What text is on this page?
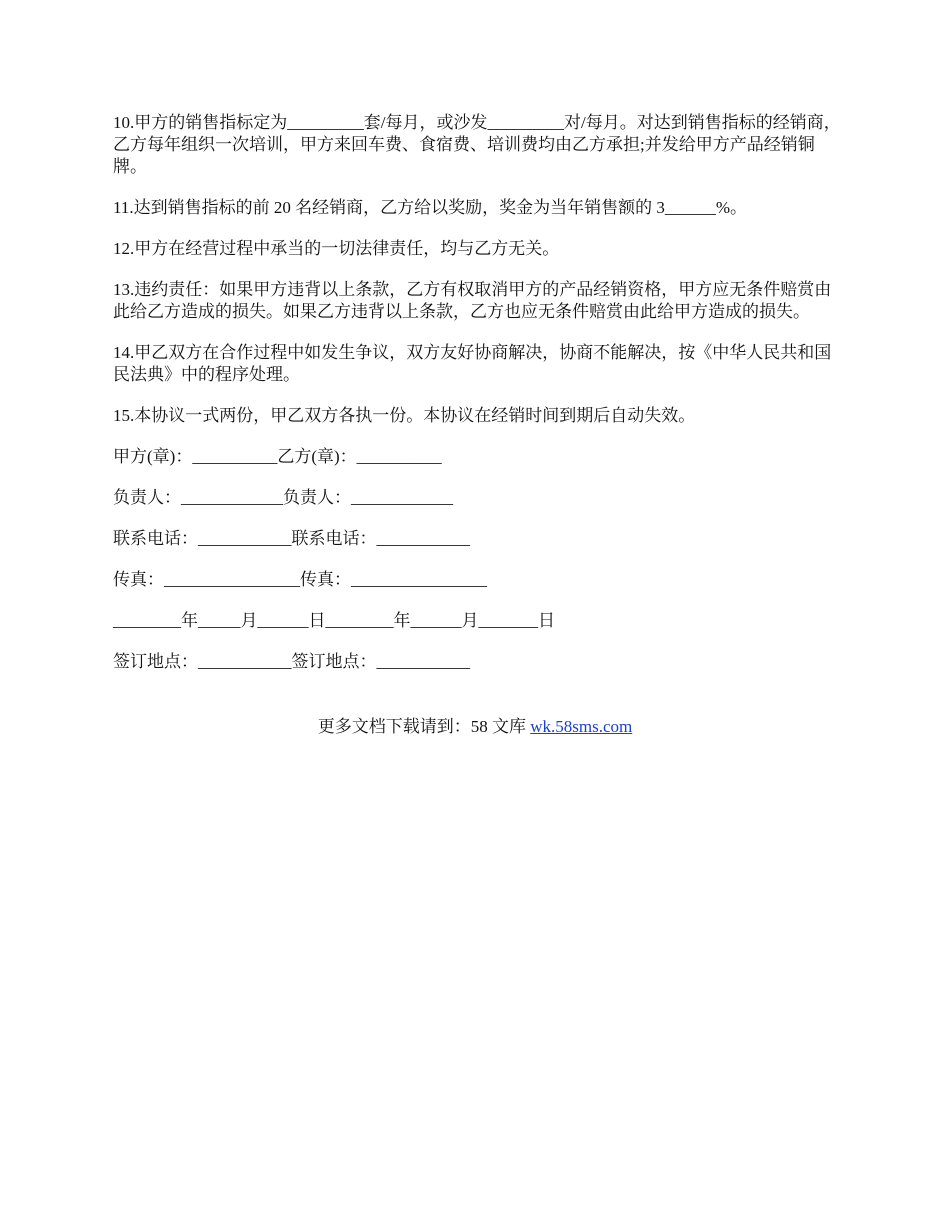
10.甲方的销售指标定为_________套/每月，或沙发_________对/每月。对达到销售指标的经销商，乙方每年组织一次培训，甲方来回车费、食宿费、培训费均由乙方承担;并发给甲方产品经销铜牌。

11.达到销售指标的前 20 名经销商，乙方给以奖励，奖金为当年销售额的 3______%。

12.甲方在经营过程中承当的一切法律责任，均与乙方无关。

13.违约责任：如果甲方违背以上条款，乙方有权取消甲方的产品经销资格，甲方应无条件赔赏由此给乙方造成的损失。如果乙方违背以上条款，乙方也应无条件赔赏由此给甲方造成的损失。

14.甲乙双方在合作过程中如发生争议，双方友好协商解决，协商不能解决，按《中华人民共和国民法典》中的程序处理。

15.本协议一式两份，甲乙双方各执一份。本协议在经销时间到期后自动失效。

甲方(章)：__________乙方(章)：__________

负责人：____________负责人：____________

联系电话：___________联系电话：___________

传真：________________传真：________________

________年_____月______日________年______月_______日

签订地点：___________签订地点：___________

更多文档下载请到：58 文库 wk.58sms.com
